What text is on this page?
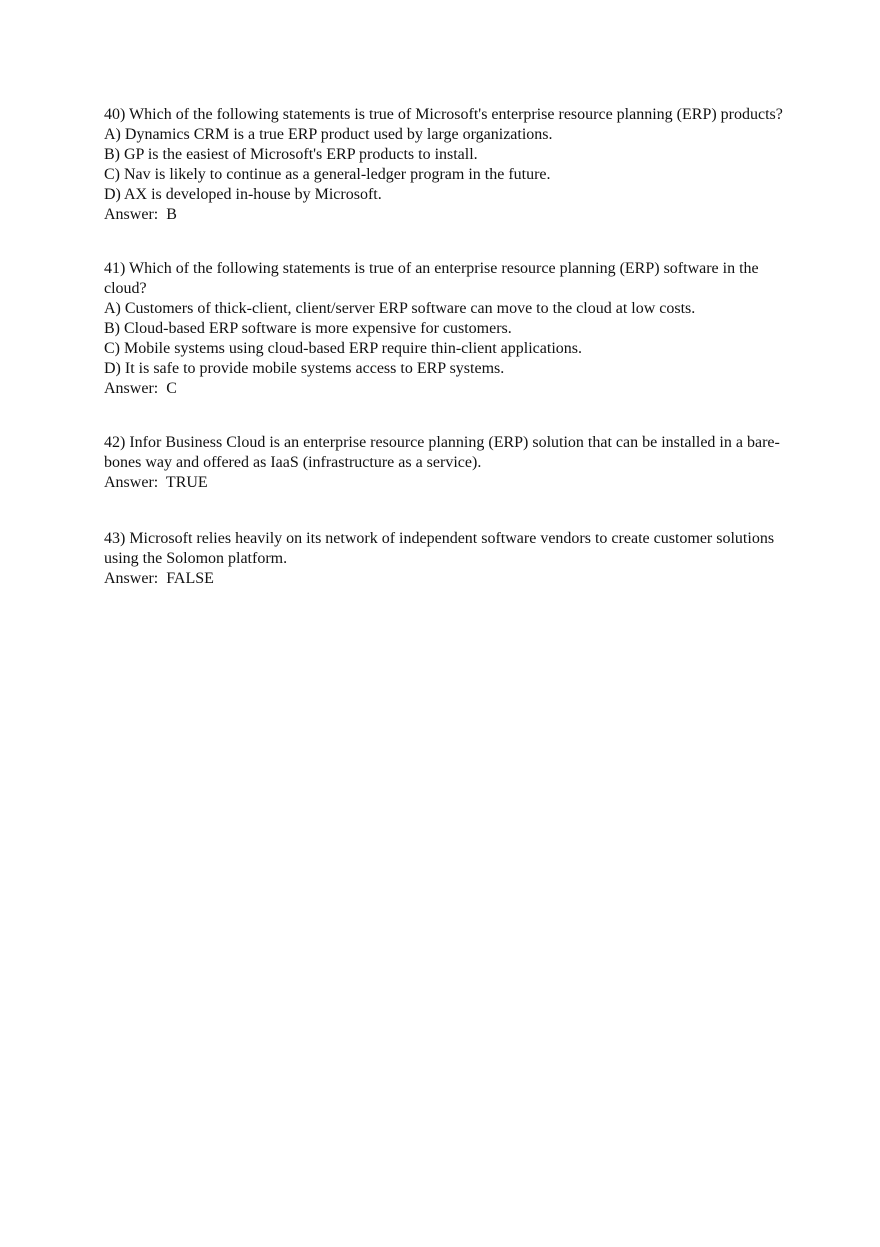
40) Which of the following statements is true of Microsoft's enterprise resource planning (ERP) products?

A) Dynamics CRM is a true ERP product used by large organizations.

B) GP is the easiest of Microsoft's ERP products to install.

C) Nav is likely to continue as a general-ledger program in the future.

D) AX is developed in-house by Microsoft.

Answer:  B

41) Which of the following statements is true of an enterprise resource planning (ERP) software in the cloud?

A) Customers of thick-client, client/server ERP software can move to the cloud at low costs.

B) Cloud-based ERP software is more expensive for customers.

C) Mobile systems using cloud-based ERP require thin-client applications.

D) It is safe to provide mobile systems access to ERP systems.

Answer:  C

42) Infor Business Cloud is an enterprise resource planning (ERP) solution that can be installed in a bare-bones way and offered as IaaS (infrastructure as a service).

Answer:  TRUE

43) Microsoft relies heavily on its network of independent software vendors to create customer solutions using the Solomon platform.

Answer:  FALSE
